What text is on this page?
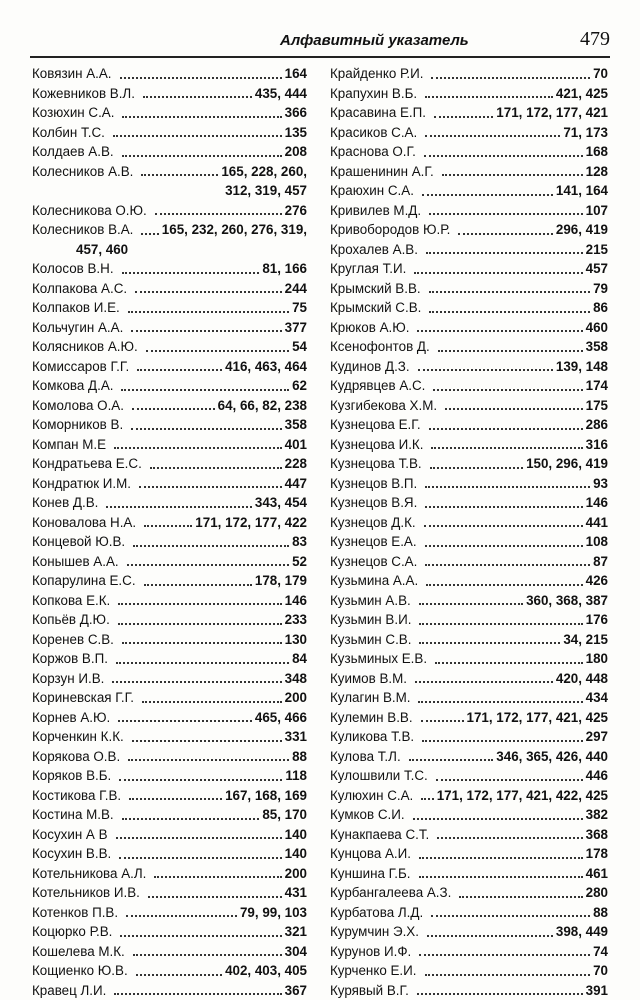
Алфавитный указатель	479
Ковязин А.А.	164
Кожевников В.Л.	435, 444
Козюхин С.А.	366
Колбин Т.С.	135
Колдаев А.В.	208
Колесников А.В.	165, 228, 260,
312, 319, 457
Колесникова О.Ю.	276
Колесников В.А. 165, 232, 260, 276, 319,
457, 460
Колосов В.Н.	81, 166
Колпакова А.С.	244
Колпаков И.Е.	75
Кольчугин А.А.	377
Колясников А.Ю.	54
Комиссаров Г.Г.	416, 463, 464
Комкова Д.А.	62
Комолова О.А.	64, 66, 82, 238
Коморников В.	358
Компан М.Е	401
Кондратьева Е.С.	228
Кондратюк И.М.	447
Конев Д.В.	343, 454
Коновалова Н.А.	171, 172, 177, 422
Концевой Ю.В.	83
Конышев А.А.	52
Копарулина Е.С.	178, 179
Копкова Е.К.	146
Копьёв Д.Ю.	233
Коренев С.В.	130
Коржов В.П.	84
Корзун И.В.	348
Кориневская Г.Г.	200
Корнев А.Ю.	465, 466
Корченкин К.К.	331
Корякова О.В.	88
Коряков В.Б.	118
Костикова Г.В.	167, 168, 169
Костина М.В.	85, 170
Косухин А В	140
Косухин В.В.	140
Котельникова А.Л.	200
Котельников И.В.	431
Котенков П.В.	79, 99, 103
Коцюрко Р.В.	321
Кошелева М.К.	304
Кощиенко Ю.В.	402, 403, 405
Кравец Л.И.	367
Крайденко Р.И.	70
Крапухин В.Б.	421, 425
Красавина Е.П.	171, 172, 177, 421
Красиков С.А.	71, 173
Краснова О.Г.	168
Крашенинин А.Г.	128
Краюхин С.А.	141, 164
Кривилев М.Д.	107
Кривобородов Ю.Р.	296, 419
Крохалев А.В.	215
Круглая Т.И.	457
Крымский В.В.	79
Крымский С.В.	86
Крюков А.Ю.	460
Ксенофонтов Д.	358
Кудинов Д.З.	139, 148
Кудрявцев А.С.	174
Кузгибекова Х.М.	175
Кузнецова Е.Г.	286
Кузнецова И.К.	316
Кузнецова Т.В.	150, 296, 419
Кузнецов В.П.	93
Кузнецов В.Я.	146
Кузнецов Д.К.	441
Кузнецов Е.А.	108
Кузнецов С.А.	87
Кузьмина А.А.	426
Кузьмин А.В.	360, 368, 387
Кузьмин В.И.	176
Кузьмин С.В.	34, 215
Кузьминых Е.В.	180
Куимов В.М.	420, 448
Кулагин В.М.	434
Кулемин В.В.	171, 172, 177, 421, 425
Куликова Т.В.	297
Кулова Т.Л.	346, 365, 426, 440
Кулошвили Т.С.	446
Кулюхин С.А. 171, 172, 177, 421, 422, 425
Кумков С.И.	382
Кунакпаева С.Т.	368
Кунцова А.И.	178
Куншина Г.Б.	461
Курбангалеева А.З.	280
Курбатова Л.Д.	88
Курумчин Э.Х.	398, 449
Курунов И.Ф.	74
Курченко Е.И.	70
Курявый В.Г.	391
